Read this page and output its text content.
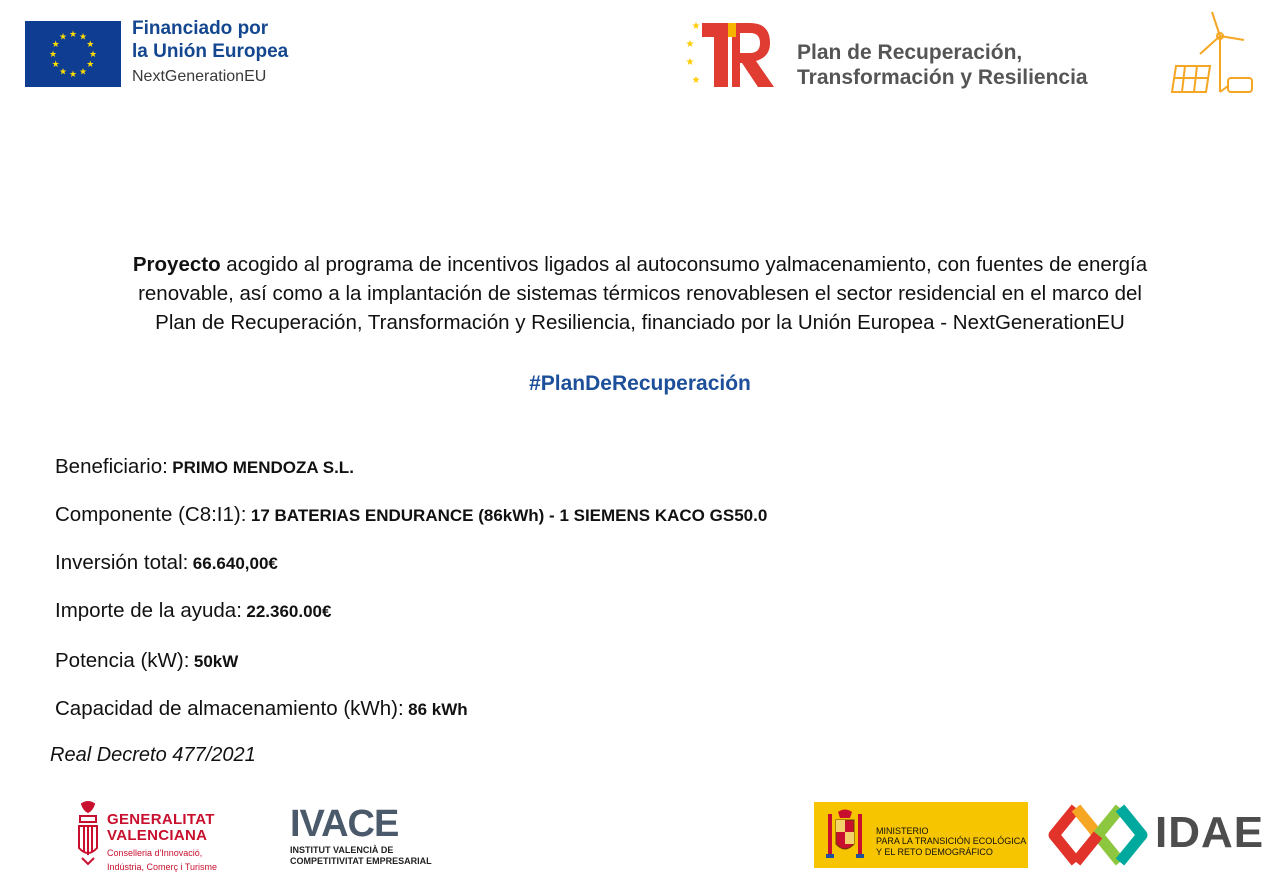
★ ★
★
★
★
★
★
★
★
★
★
★	Financiado por
la Unión Europea
NextGenerationEU
★
★
★
★
Plan de Recuperación,
Transformación y Resiliencia
Proyecto acogido al programa de incentivos ligados al autoconsumo yalmacenamiento, con fuentes de energía
renovable, así como a la implantación de sistemas térmicos renovablesen el sector residencial en el marco del
Plan de Recuperación, Transformación y Resiliencia, financiado por la Unión Europea - NextGenerationEU
#PlanDeRecuperación
Beneficiario: PRIMO MENDOZA S.L.
Componente (C8:I1): 17 BATERIAS ENDURANCE (86kWh) - 1 SIEMENS KACO GS50.0
Inversión total: 66.640,00€
Importe de la ayuda: 22.360.00€
Potencia (kW): 50kW
Capacidad de almacenamiento (kWh): 86 kWh
Real Decreto 477/2021
GENERALITAT
VALENCIANA
Conselleria d'Innovació,
Indústria, Comerç i Turisme
IVACE
INSTITUT VALENCIÀ DE
COMPETITIVITAT EMPRESARIAL
MINISTERIO
PARA LA TRANSICIÓN ECOLÓGICA
Y EL RETO DEMOGRÁFICO	IDAE
